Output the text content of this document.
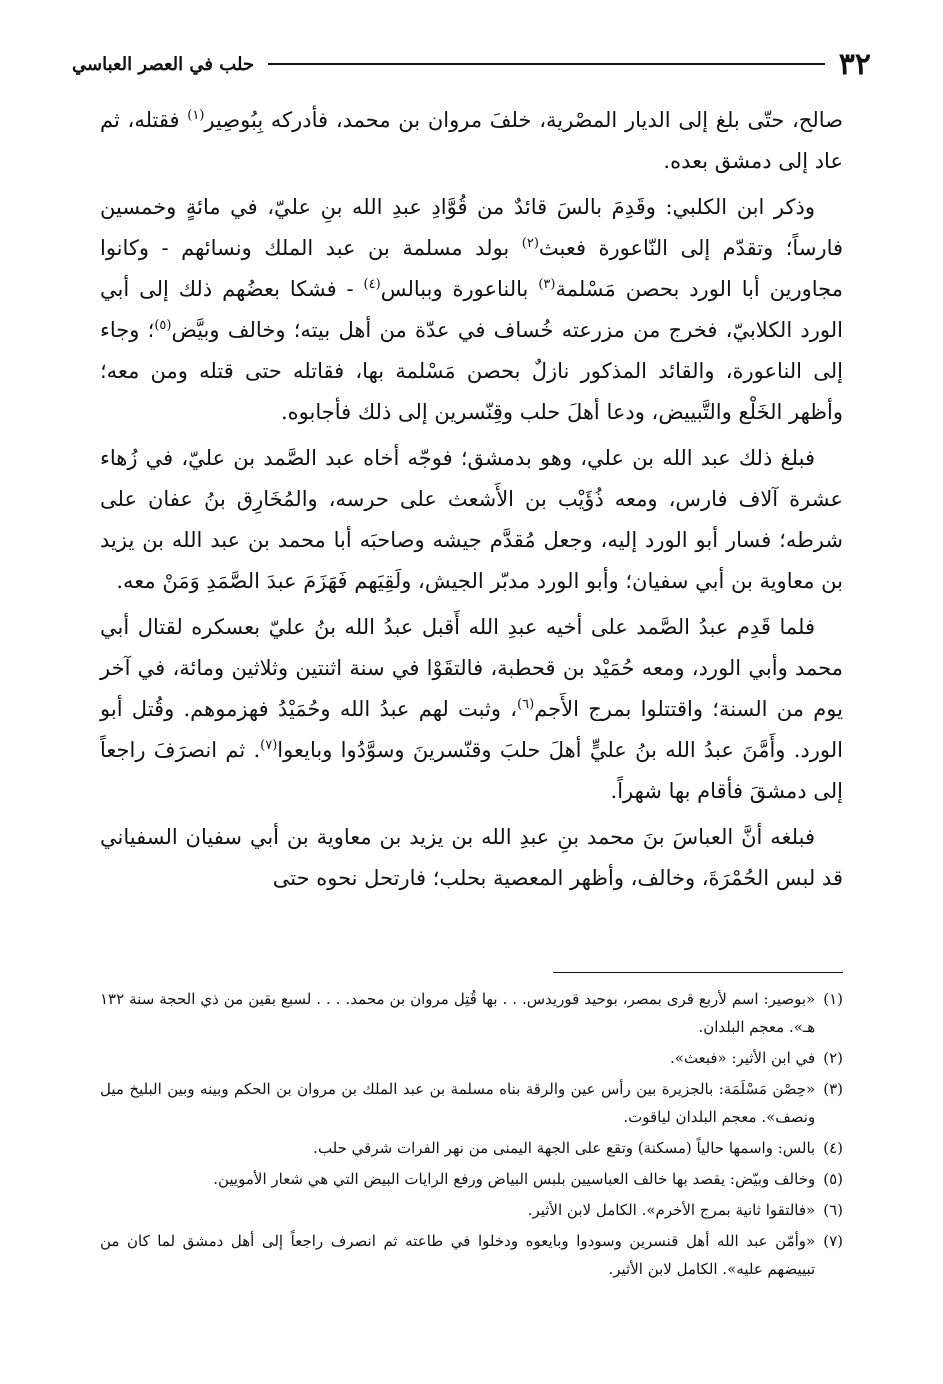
٣٢
حلب في العصر العباسي

صالح، حتّى بلغ إلى الديار المصْرية، خلفَ مروان بن محمد، فأدركه بِبُوصِير$^{(١)}$ فقتله، ثم عاد إلى دمشق بعده.

وذكر ابن الكلبي: وقَدِمَ بالسَ قائدٌ من قُوَّادِ عبدِ الله بنِ عليّ، في مائةٍ وخمسين فارساً؛ وتقدّم إلى النّاعورة فعبث$^{(٢)}$ بولد مسلمة بن عبد الملك ونسائهم - وكانوا مجاورين أبا الورد بحصن مَسْلمة$^{(٣)}$ بالناعورة وببالس$^{(٤)}$ - فشكا بعضُهم ذلك إلى أبي الورد الكلابيّ، فخرج من مزرعته خُساف في عدّة من أهل بيته؛ وخالف وبيَّض$^{(٥)}$؛ وجاء إلى الناعورة، والقائد المذكور نازلٌ بحصن مَسْلمة بها، فقاتله حتى قتله ومن معه؛ وأظهر الخَلْع والتَّبييض، ودعا أهلَ حلب وقِنّسرين إلى ذلك فأجابوه.

فبلغ ذلك عبد الله بن علي، وهو بدمشق؛ فوجّه أخاه عبد الصَّمد بن عليّ، في زُهاء عشرة آلاف فارس، ومعه ذُؤَيْب بن الأَشعث على حرسه، والمُخَارِق بنُ عفان على شرطه؛ فسار أبو الورد إليه، وجعل مُقدَّم جيشه وصاحبَه أبا محمد بن عبد الله بن يزيد بن معاوية بن أبي سفيان؛ وأبو الورد مدبّر الجيش، ولَقِيَهم فَهَزَمَ عبدَ الصَّمَدِ وَمَنْ معه.

فلما قَدِم عبدُ الصَّمد على أخيه عبدِ الله أَقبل عبدُ الله بنُ عليّ بعسكره لقتال أبي محمد وأبي الورد، ومعه حُمَيْد بن قحطبة، فالتقَوْا في سنة اثنتين وثلاثين ومائة، في آخر يوم من السنة؛ واقتتلوا بمرج الأَجم$^{(٦)}$، وثبت لهم عبدُ الله وحُمَيْدُ فهزموهم. وقُتل أبو الورد. وأَمَّنَ عبدُ الله بنُ عليٍّ أهلَ حلبَ وقنّسرينَ وسوَّدُوا وبايعوا$^{(٧)}$. ثم انصرَفَ راجعاً إلى دمشقَ فأقام بها شهراً.

فبلغه أنَّ العباسَ بنَ محمد بنِ عبدِ الله بن يزيد بن معاوية بن أبي سفيان السفياني قد لبس الحُمْرَةَ، وخالف، وأظهر المعصية بحلب؛ فارتحل نحوه حتى

(١)
«بوصير: اسم لأربع قرى بمصر، بوحيد قوريدس. . . بها قُتِل مروان بن محمد. . . . لسبع بقين من ذي الحجة سنة ١٣٢ هـ». معجم البلدان.
(٢)
في ابن الأثير: «فبعث».
(٣)
«حِصْن مَسْلَمَة: بالجزيرة بين رأس عين والرقة بناه مسلمة بن عبد الملك بن مروان بن الحكم وبينه وبين البليخ ميل ونصف». معجم البلدان لياقوت.
(٤)
بالس: واسمها حالياً (مسكنة) وتقع على الجهة اليمنى من نهر الفرات شرقي حلب.
(٥)
وخالف وبيّض: يقصد بها خالف العباسيين بلبس البياض ورفع الرايات البيض التي هي شعار الأمويين.
(٦)
«فالتقوا ثانية بمرج الأخرم». الكامل لابن الأثير.
(٧)
«وأمّن عبد الله أهل قنسرين وسودوا وبايعوه ودخلوا في طاعته ثم انصرف راجعاً إلى أهل دمشق لما كان من تبييضهم عليه». الكامل لابن الأثير.
